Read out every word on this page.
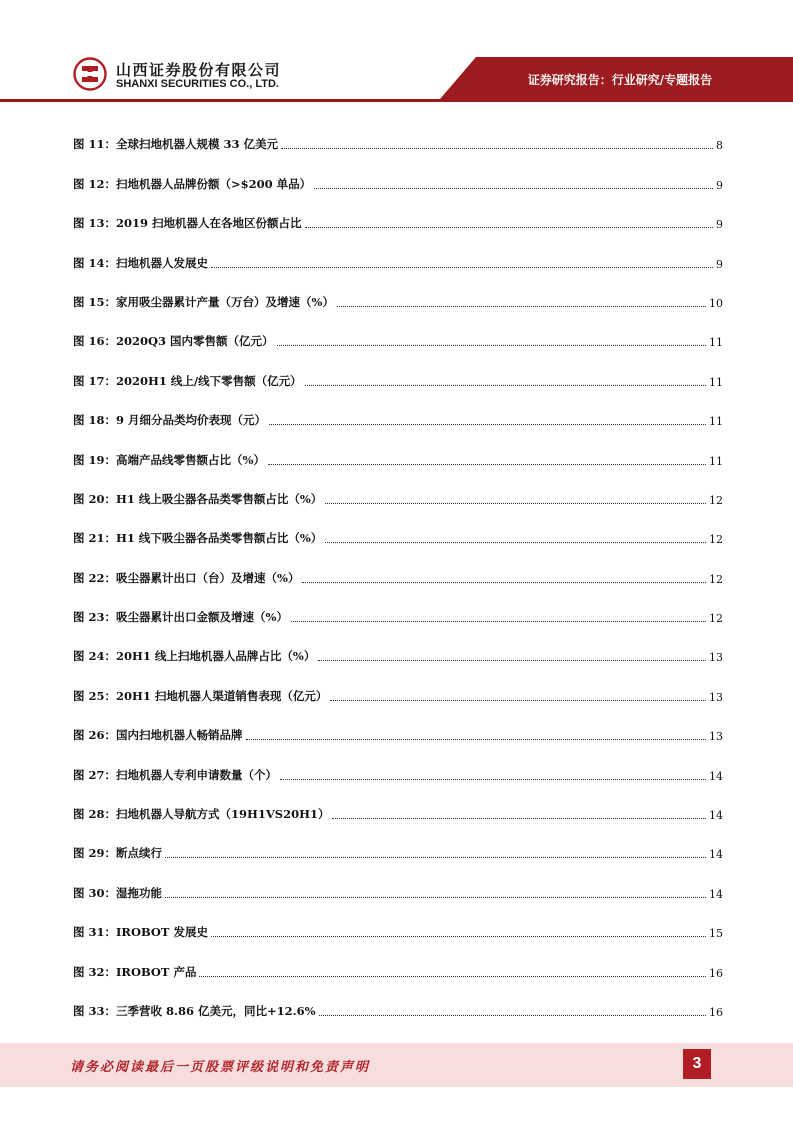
山西证券股份有限公司
SHANXI SECURITIES CO., LTD.	证券研究报告：行业研究/专题报告
图 11： 全球扫地机器人规模 33 亿美元	8
图 12： 扫地机器人品牌份额（>$200 单品）	9
图 13： 2019 扫地机器人在各地区份额占比	9
图 14： 扫地机器人发展史	9
图 15： 家用吸尘器累计产量（万台）及增速（%）	10
图 16： 2020Q3 国内零售额（亿元）	11
图 17： 2020H1 线上/线下零售额（亿元）	11
图 18： 9 月细分品类均价表现（元）	11
图 19： 高端产品线零售额占比（%）	11
图 20： H1 线上吸尘器各品类零售额占比（%）	12
图 21： H1 线下吸尘器各品类零售额占比（%）	12
图 22： 吸尘器累计出口（台）及增速（%）	12
图 23： 吸尘器累计出口金额及增速（%）	12
图 24： 20H1 线上扫地机器人品牌占比（%）	13
图 25： 20H1 扫地机器人渠道销售表现（亿元）	13
图 26： 国内扫地机器人畅销品牌	13
图 27： 扫地机器人专利申请数量（个）	14
图 28： 扫地机器人导航方式（19H1VS20H1）	14
图 29： 断点续行	14
图 30： 湿拖功能	14
图 31： IROBOT 发展史	15
图 32： IROBOT 产品	16
图 33： 三季营收 8.86 亿美元，同比+12.6%	16
请务必阅读最后一页股票评级说明和免责声明	3
